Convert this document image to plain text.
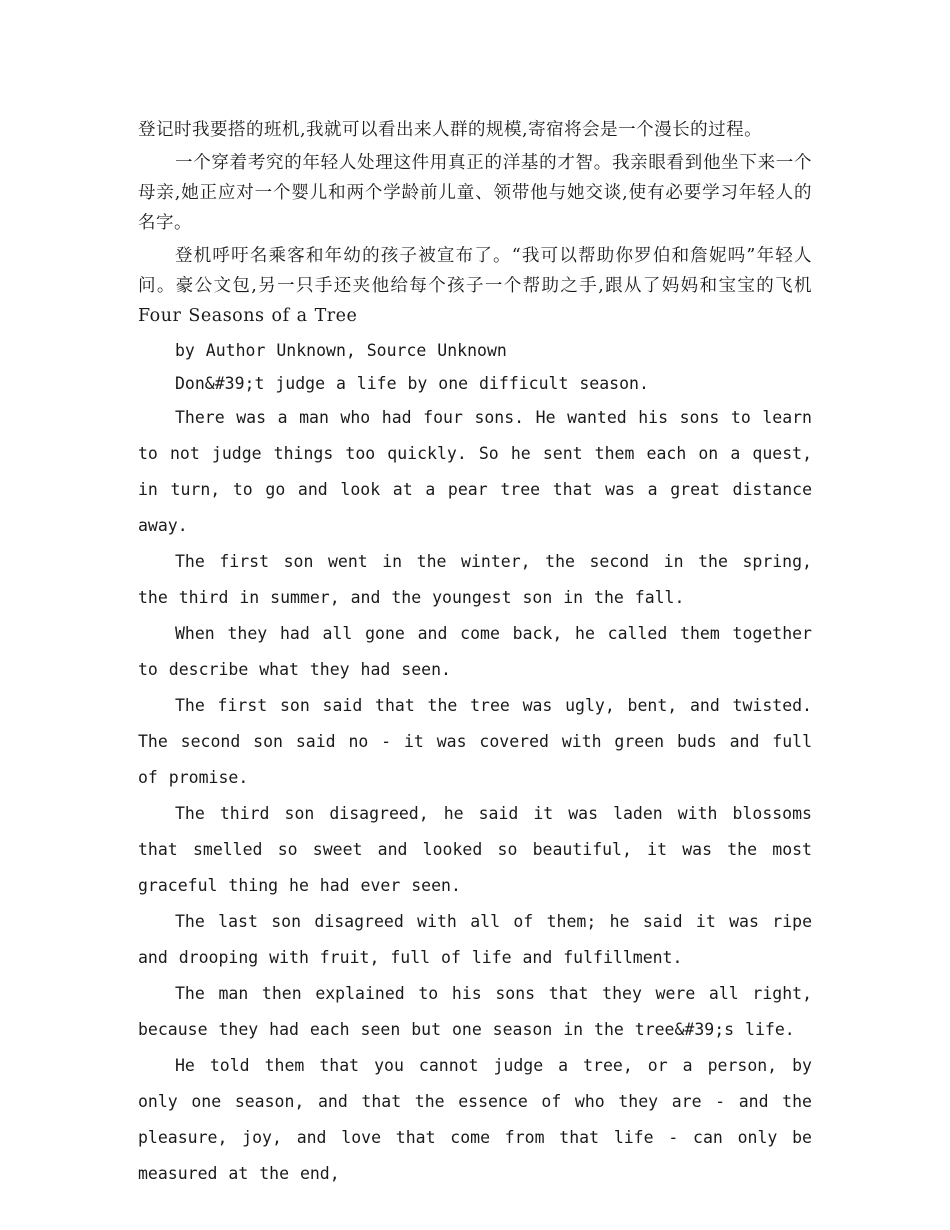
登记时我要搭的班机,我就可以看出来人群的规模,寄宿将会是一个漫长的过程。

一个穿着考究的年轻人处理这件用真正的洋基的才智。我亲眼看到他坐下来一个母亲,她正应对一个婴儿和两个学龄前儿童、领带他与她交谈,使有必要学习年轻人的名字。

登机呼吁名乘客和年幼的孩子被宣布了。“我可以帮助你罗伯和詹妮吗”年轻人问。豪公文包,另一只手还夹他给每个孩子一个帮助之手,跟从了妈妈和宝宝的飞机Four Seasons of a Tree

by Author Unknown, Source Unknown

Don&#39;t judge a life by one difficult season.

There was a man who had four sons. He wanted his sons to learn to not judge things too quickly. So he sent them each on a quest, in turn, to go and look at a pear tree that was a great distance away.

The first son went in the winter, the second in the spring, the third in summer, and the youngest son in the fall.

When they had all gone and come back, he called them together to describe what they had seen.

The first son said that the tree was ugly, bent, and twisted. The second son said no - it was covered with green buds and full of promise.

The third son disagreed, he said it was laden with blossoms that smelled so sweet and looked so beautiful, it was the most graceful thing he had ever seen.

The last son disagreed with all of them; he said it was ripe and drooping with fruit, full of life and fulfillment.

The man then explained to his sons that they were all right, because they had each seen but one season in the tree&#39;s life.

He told them that you cannot judge a tree, or a person, by only one season, and that the essence of who they are - and the pleasure, joy, and love that come from that life - can only be measured at the end,
